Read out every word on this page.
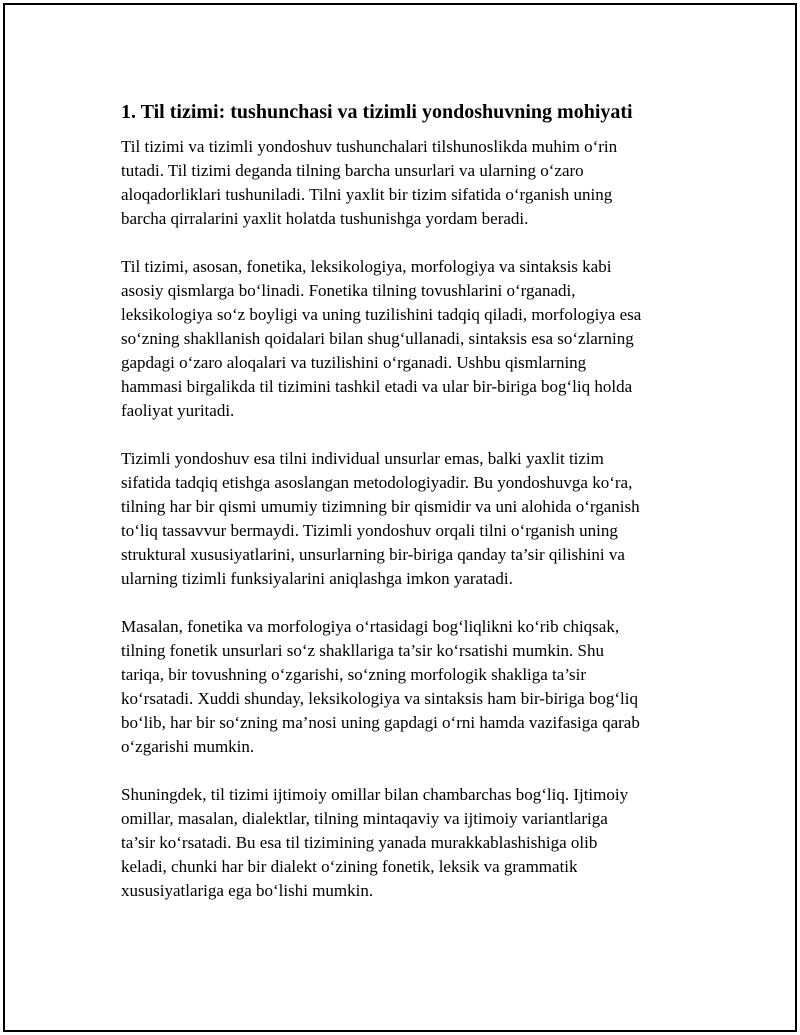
1. Til tizimi: tushunchasi va tizimli yondoshuvning mohiyati

Til tizimi va tizimli yondoshuv tushunchalari tilshunoslikda muhim o‘rin
tutadi. Til tizimi deganda tilning barcha unsurlari va ularning o‘zaro
aloqadorliklari tushuniladi. Tilni yaxlit bir tizim sifatida o‘rganish uning
barcha qirralarini yaxlit holatda tushunishga yordam beradi.

Til tizimi, asosan, fonetika, leksikologiya, morfologiya va sintaksis kabi
asosiy qismlarga bo‘linadi. Fonetika tilning tovushlarini o‘rganadi,
leksikologiya so‘z boyligi va uning tuzilishini tadqiq qiladi, morfologiya esa
so‘zning shakllanish qoidalari bilan shug‘ullanadi, sintaksis esa so‘zlarning
gapdagi o‘zaro aloqalari va tuzilishini o‘rganadi. Ushbu qismlarning
hammasi birgalikda til tizimini tashkil etadi va ular bir-biriga bog‘liq holda
faoliyat yuritadi.

Tizimli yondoshuv esa tilni individual unsurlar emas, balki yaxlit tizim
sifatida tadqiq etishga asoslangan metodologiyadir. Bu yondoshuvga ko‘ra,
tilning har bir qismi umumiy tizimning bir qismidir va uni alohida o‘rganish
to‘liq tassavvur bermaydi. Tizimli yondoshuv orqali tilni o‘rganish uning
struktural xususiyatlarini, unsurlarning bir-biriga qanday ta’sir qilishini va
ularning tizimli funksiyalarini aniqlashga imkon yaratadi.

Masalan, fonetika va morfologiya o‘rtasidagi bog‘liqlikni ko‘rib chiqsak,
tilning fonetik unsurlari so‘z shakllariga ta’sir ko‘rsatishi mumkin. Shu
tariqa, bir tovushning o‘zgarishi, so‘zning morfologik shakliga ta’sir
ko‘rsatadi. Xuddi shunday, leksikologiya va sintaksis ham bir-biriga bog‘liq
bo‘lib, har bir so‘zning ma’nosi uning gapdagi o‘rni hamda vazifasiga qarab
o‘zgarishi mumkin.

Shuningdek, til tizimi ijtimoiy omillar bilan chambarchas bog‘liq. Ijtimoiy
omillar, masalan, dialektlar, tilning mintaqaviy va ijtimoiy variantlariga
ta’sir ko‘rsatadi. Bu esa til tizimining yanada murakkablashishiga olib
keladi, chunki har bir dialekt o‘zining fonetik, leksik va grammatik
xususiyatlariga ega bo‘lishi mumkin.
